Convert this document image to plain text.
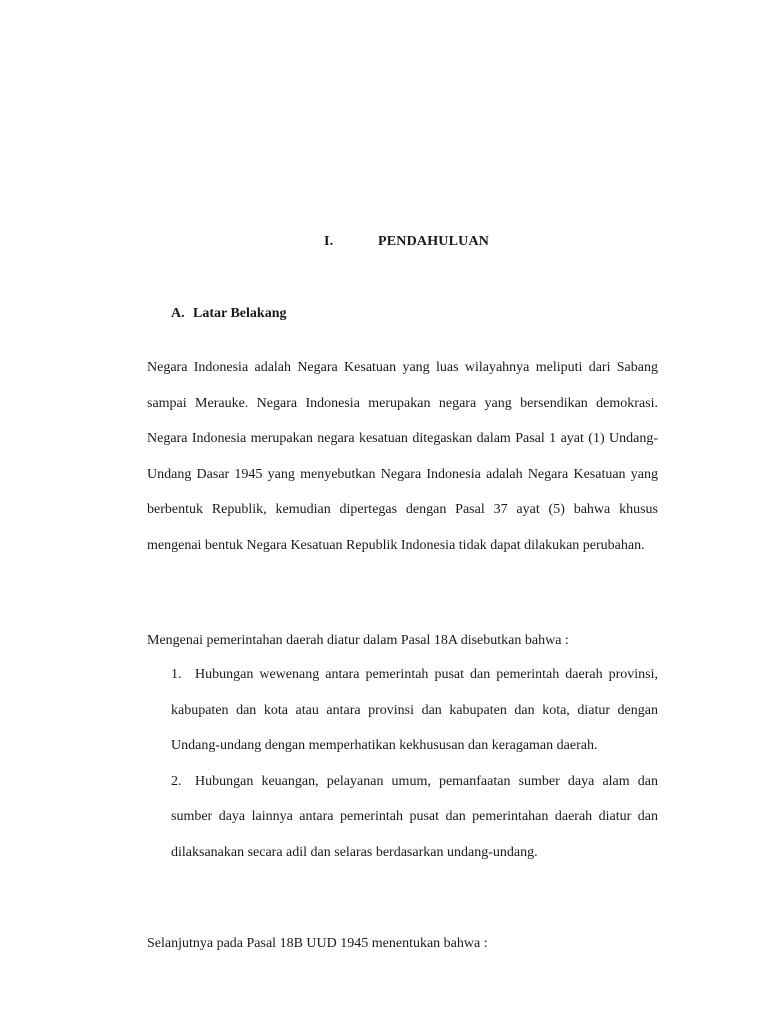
I.	PENDAHULUAN
A. Latar Belakang

Negara Indonesia adalah Negara Kesatuan yang luas wilayahnya meliputi dari Sabang sampai Merauke. Negara Indonesia merupakan negara yang bersendikan demokrasi. Negara Indonesia merupakan negara kesatuan ditegaskan dalam Pasal 1 ayat (1) Undang-Undang Dasar 1945 yang menyebutkan Negara Indonesia adalah Negara Kesatuan yang berbentuk Republik, kemudian dipertegas dengan Pasal 37 ayat (5) bahwa khusus mengenai bentuk Negara Kesatuan Republik Indonesia tidak dapat dilakukan perubahan.

Mengenai pemerintahan daerah diatur dalam Pasal 18A disebutkan bahwa :

1. Hubungan wewenang antara pemerintah pusat dan pemerintah daerah provinsi, kabupaten dan kota atau antara provinsi dan kabupaten dan kota, diatur dengan Undang-undang dengan memperhatikan kekhususan dan keragaman daerah.
2. Hubungan keuangan, pelayanan umum, pemanfaatan sumber daya alam dan sumber daya lainnya antara pemerintah pusat dan pemerintahan daerah diatur dan dilaksanakan secara adil dan selaras berdasarkan undang-undang.

Selanjutnya pada Pasal 18B UUD 1945 menentukan bahwa :
